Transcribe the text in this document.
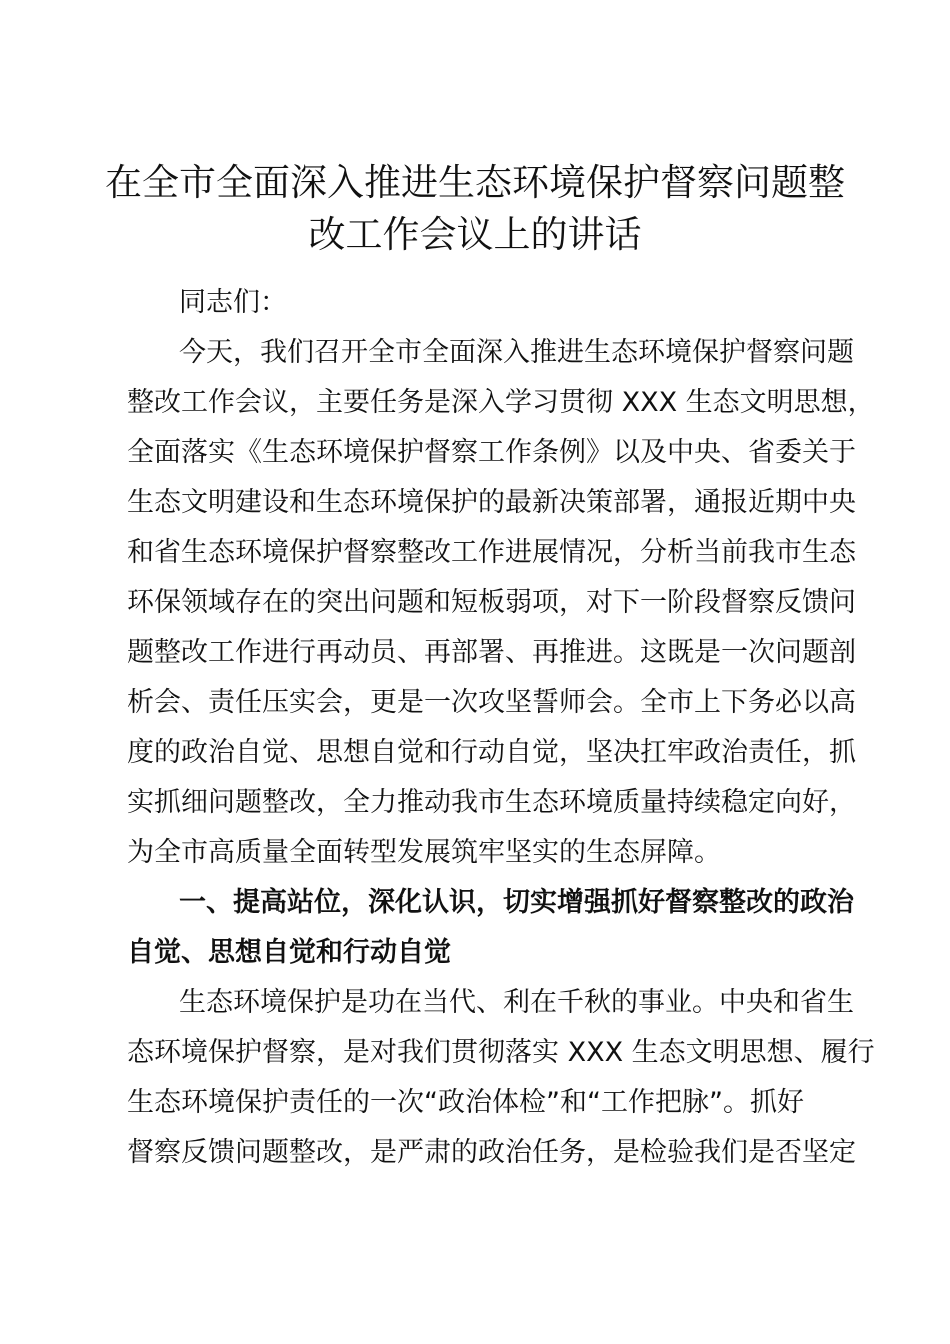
在全市全面深入推进生态环境保护督察问题整
改工作会议上的讲话
同志们：
今天，我们召开全市全面深入推进生态环境保护督察问题
整改工作会议，主要任务是深入学习贯彻 XXX 生态文明思想，
全面落实《生态环境保护督察工作条例》以及中央、省委关于
生态文明建设和生态环境保护的最新决策部署，通报近期中央
和省生态环境保护督察整改工作进展情况，分析当前我市生态
环保领域存在的突出问题和短板弱项，对下一阶段督察反馈问
题整改工作进行再动员、再部署、再推进。这既是一次问题剖
析会、责任压实会，更是一次攻坚誓师会。全市上下务必以高
度的政治自觉、思想自觉和行动自觉，坚决扛牢政治责任，抓
实抓细问题整改，全力推动我市生态环境质量持续稳定向好，
为全市高质量全面转型发展筑牢坚实的生态屏障。
一、提高站位，深化认识，切实增强抓好督察整改的政治
自觉、思想自觉和行动自觉
生态环境保护是功在当代、利在千秋的事业。中央和省生
态环境保护督察，是对我们贯彻落实 XXX 生态文明思想、履行
生态环境保护责任的一次“政治体检”和“工作把脉”。抓好
督察反馈问题整改，是严肃的政治任务，是检验我们是否坚定
